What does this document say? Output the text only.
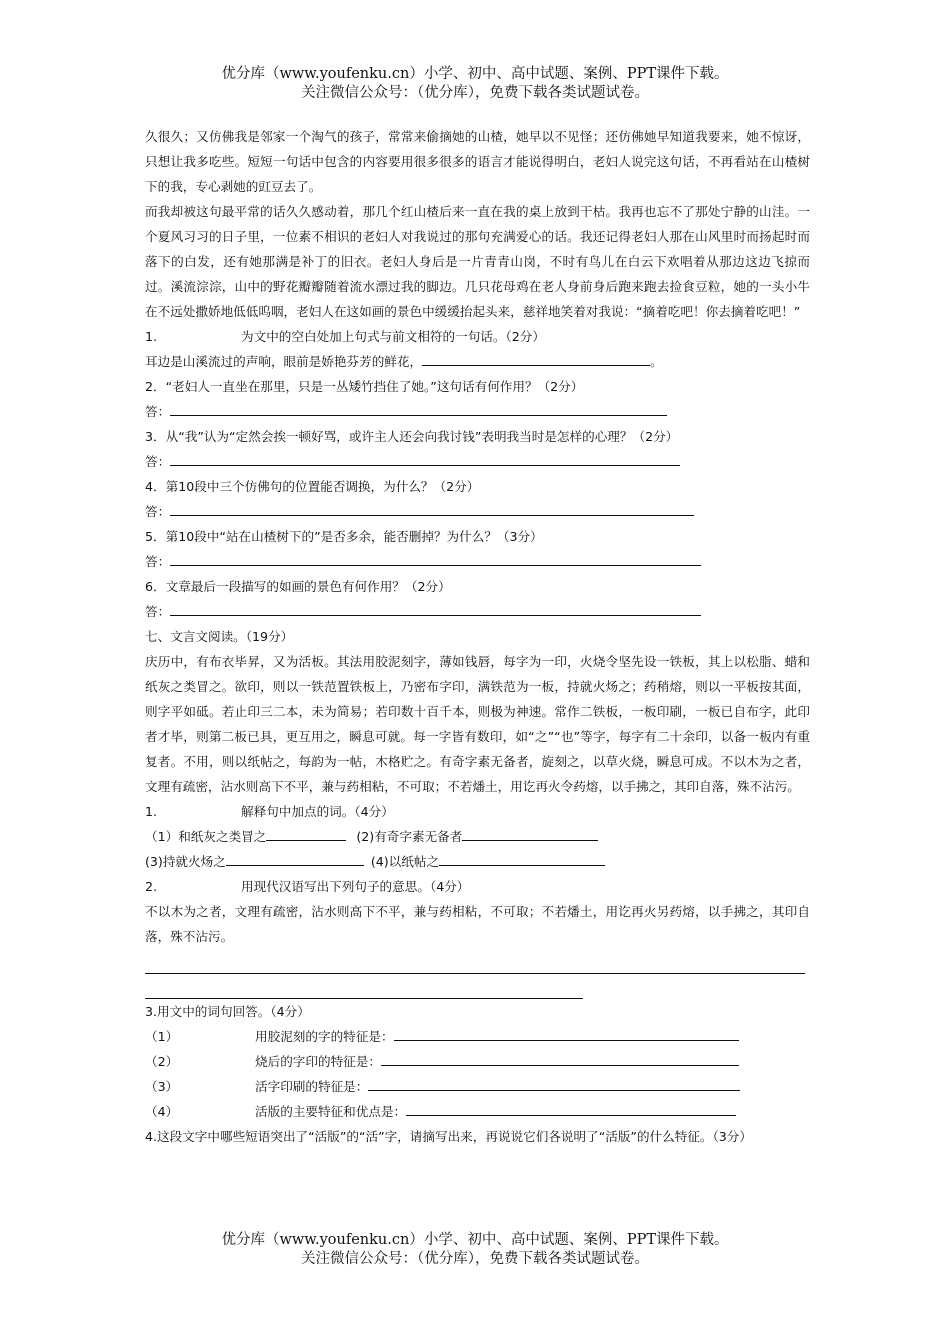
优分库（www.youfenku.cn）小学、初中、高中试题、案例、PPT课件下载。
关注微信公众号：（优分库），免费下载各类试题试卷。

久很久；又仿佛我是邻家一个淘气的孩子，常常来偷摘她的山楂，她早以不见怪；还仿佛她早知道我要来，她不惊讶，只想让我多吃些。短短一句话中包含的内容要用很多很多的语言才能说得明白，老妇人说完这句话，不再看站在山楂树下的我，专心剥她的豇豆去了。

而我却被这句最平常的话久久感动着，那几个红山楂后来一直在我的桌上放到干枯。我再也忘不了那处宁静的山洼。一个夏风习习的日子里，一位素不相识的老妇人对我说过的那句充满爱心的话。我还记得老妇人那在山风里时而扬起时而落下的白发，还有她那满是补丁的旧衣。老妇人身后是一片青青山岗，不时有鸟儿在白云下欢唱着从那边这边飞掠而过。溪流淙淙，山中的野花瓣瓣随着流水漂过我的脚边。几只花母鸡在老人身前身后跑来跑去捡食豆粒，她的一头小牛在不远处撒娇地低低呜咽，老妇人在这如画的景色中缓缓抬起头来，慈祥地笑着对我说：“摘着吃吧！你去摘着吃吧！”

1.	为文中的空白处加上句式与前文相符的一句话。（2分）
耳边是山溪流过的声响，眼前是娇艳芬芳的鲜花，	。
2．“老妇人一直坐在那里，只是一丛矮竹挡住了她。”这句话有何作用？（2分）
答：
3．从“我”认为“定然会挨一顿好骂，或许主人还会向我讨钱”表明我当时是怎样的心理？（2分）
答：
4．第10段中三个仿佛句的位置能否调换，为什么？（2分）
答：
5．第10段中“站在山楂树下的”是否多余，能否删掉？为什么？（3分）
答：
6．文章最后一段描写的如画的景色有何作用？（2分）
答：
七、文言文阅读。（19分）

庆历中，有布衣毕昇，又为活板。其法用胶泥刻字，薄如钱唇，每字为一印，火烧令坚先设一铁板，其上以松脂、蜡和纸灰之类冒之。欲印，则以一铁范置铁板上，乃密布字印，满铁范为一板，持就火炀之；药稍熔，则以一平板按其面，则字平如砥。若止印三二本，未为简易；若印数十百千本，则极为神速。常作二铁板，一板印刷，一板已自布字，此印者才毕，则第二板已具，更互用之，瞬息可就。每一字皆有数印，如“之”“也”等字，每字有二十余印，以备一板内有重复者。不用，则以纸帖之，每韵为一帖，木格贮之。有奇字素无备者，旋刻之，以草火烧，瞬息可成。不以木为之者，文理有疏密，沾水则高下不平，兼与药相粘，不可取；不若燔土，用讫再火令药熔，以手拂之，其印自落，殊不沾污。

1.	解释句中加点的词。（4分）
（1）和纸灰之类冒之	(2)有奇字素无备者
(3)持就火炀之	(4)以纸帖之
2.	用现代汉语写出下列句子的意思。（4分）

不以木为之者，文理有疏密，沾水则高下不平，兼与药相粘，不可取；不若燔土，用讫再火另药熔，以手拂之，其印自落，殊不沾污。

3.用文中的词句回答。（4分）
（1）	用胶泥刻的字的特征是：
（2）	烧后的字印的特征是：
（3）	活字印刷的特征是：
（4）	活版的主要特征和优点是：

4.这段文字中哪些短语突出了“活版”的“活”字，请摘写出来，再说说它们各说明了“活版”的什么特征。（3分）

优分库（www.youfenku.cn）小学、初中、高中试题、案例、PPT课件下载。
关注微信公众号：（优分库），免费下载各类试题试卷。
